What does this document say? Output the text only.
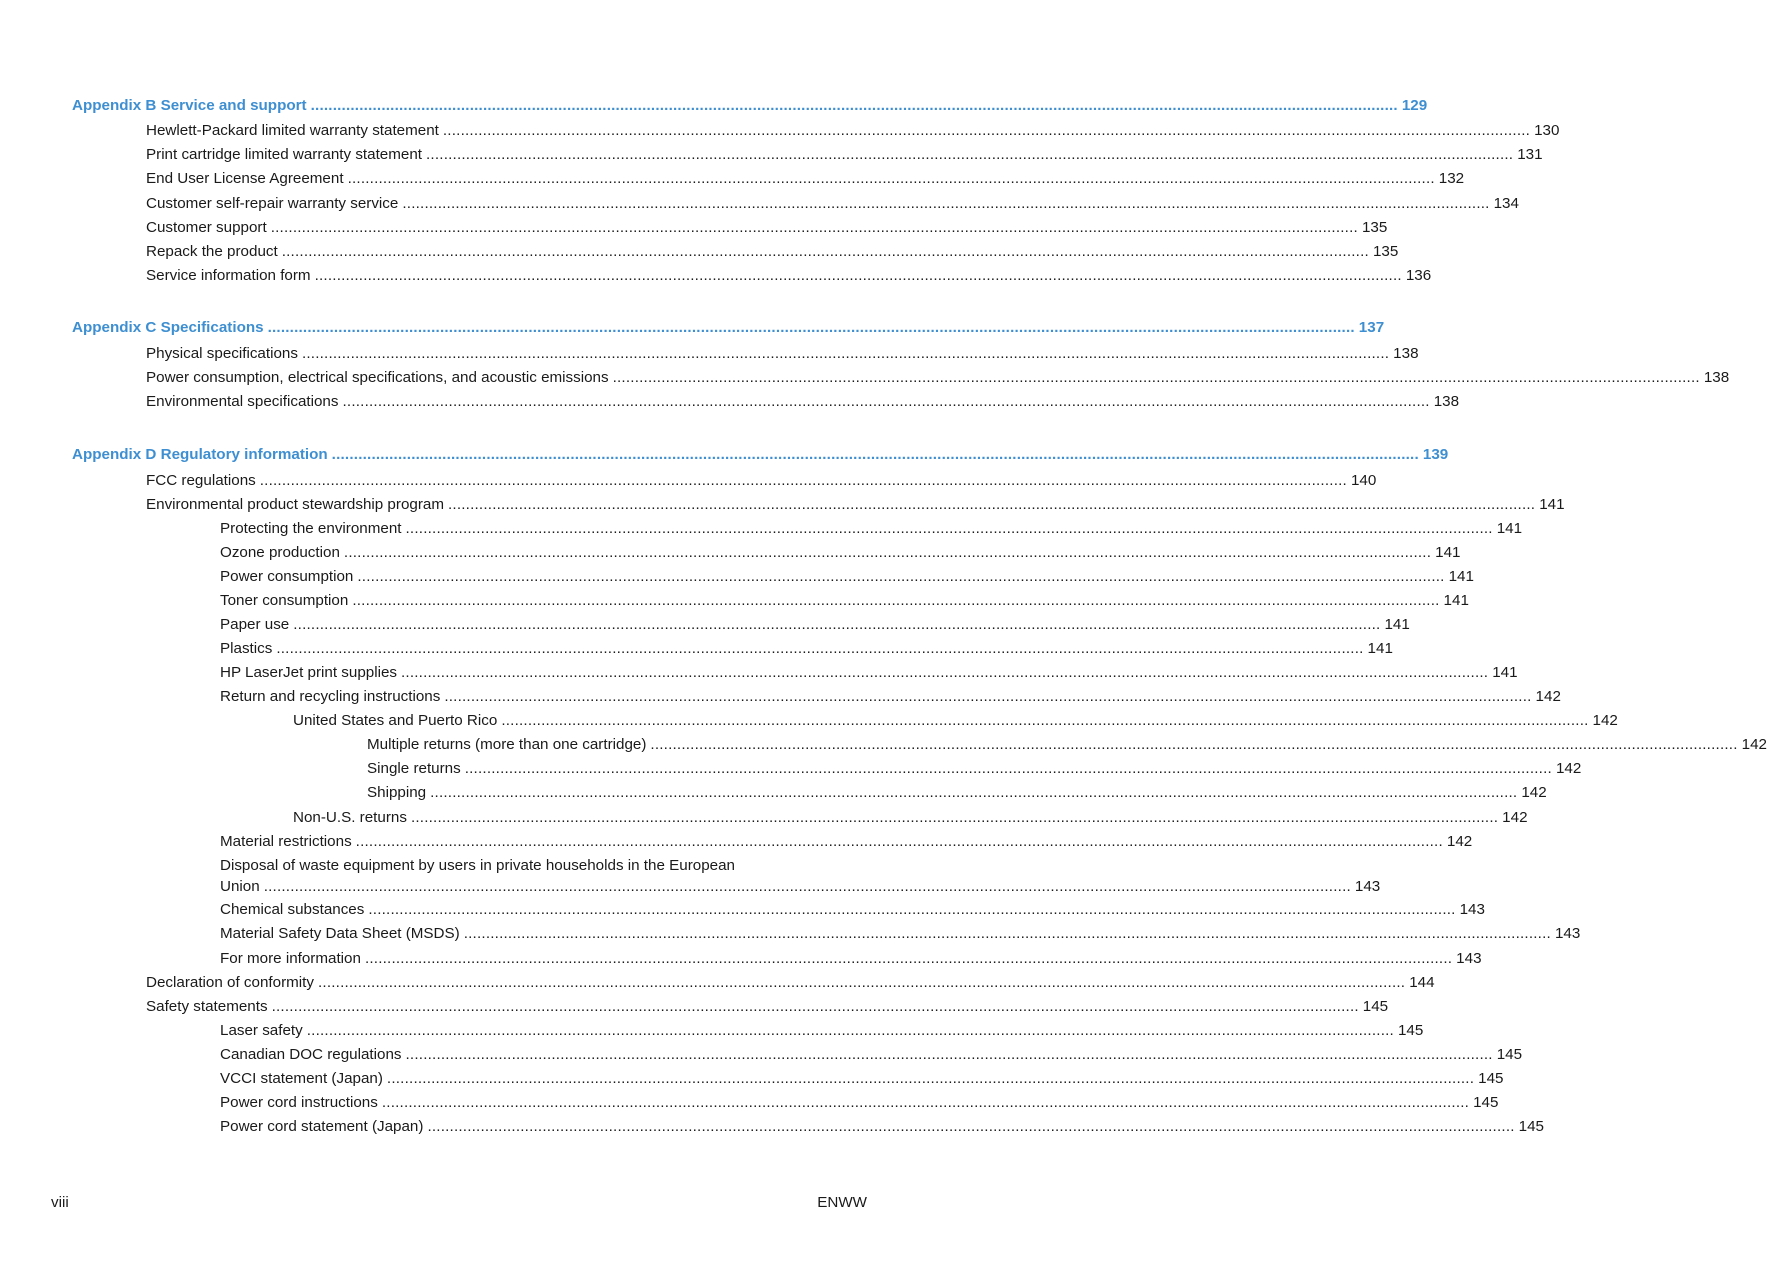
Appendix B Service and support ...................................................................................................................................................................................................................................................... 129
Hewlett-Packard limited warranty statement ...................................................................................................................................................................................................................................................... 130
Print cartridge limited warranty statement ...................................................................................................................................................................................................................................................... 131
End User License Agreement ...................................................................................................................................................................................................................................................... 132
Customer self-repair warranty service ...................................................................................................................................................................................................................................................... 134
Customer support ...................................................................................................................................................................................................................................................... 135
Repack the product ...................................................................................................................................................................................................................................................... 135
Service information form ...................................................................................................................................................................................................................................................... 136
Appendix C Specifications ...................................................................................................................................................................................................................................................... 137
Physical specifications ...................................................................................................................................................................................................................................................... 138
Power consumption, electrical specifications, and acoustic emissions ...................................................................................................................................................................................................................................................... 138
Environmental specifications ...................................................................................................................................................................................................................................................... 138
Appendix D Regulatory information ...................................................................................................................................................................................................................................................... 139
FCC regulations ...................................................................................................................................................................................................................................................... 140
Environmental product stewardship program ...................................................................................................................................................................................................................................................... 141
Protecting the environment ...................................................................................................................................................................................................................................................... 141
Ozone production ...................................................................................................................................................................................................................................................... 141
Power consumption ...................................................................................................................................................................................................................................................... 141
Toner consumption ...................................................................................................................................................................................................................................................... 141
Paper use ...................................................................................................................................................................................................................................................... 141
Plastics ...................................................................................................................................................................................................................................................... 141
HP LaserJet print supplies ...................................................................................................................................................................................................................................................... 141
Return and recycling instructions ...................................................................................................................................................................................................................................................... 142
United States and Puerto Rico ...................................................................................................................................................................................................................................................... 142
Multiple returns (more than one cartridge) ...................................................................................................................................................................................................................................................... 142
Single returns ...................................................................................................................................................................................................................................................... 142
Shipping ...................................................................................................................................................................................................................................................... 142
Non-U.S. returns ...................................................................................................................................................................................................................................................... 142
Material restrictions ...................................................................................................................................................................................................................................................... 142
Disposal of waste equipment by users in private households in the European
Union ...................................................................................................................................................................................................................................................... 143
Chemical substances ...................................................................................................................................................................................................................................................... 143
Material Safety Data Sheet (MSDS) ...................................................................................................................................................................................................................................................... 143
For more information ...................................................................................................................................................................................................................................................... 143
Declaration of conformity ...................................................................................................................................................................................................................................................... 144
Safety statements ...................................................................................................................................................................................................................................................... 145
Laser safety ...................................................................................................................................................................................................................................................... 145
Canadian DOC regulations ...................................................................................................................................................................................................................................................... 145
VCCI statement (Japan) ...................................................................................................................................................................................................................................................... 145
Power cord instructions ...................................................................................................................................................................................................................................................... 145
Power cord statement (Japan) ...................................................................................................................................................................................................................................................... 145
viii	ENWW
